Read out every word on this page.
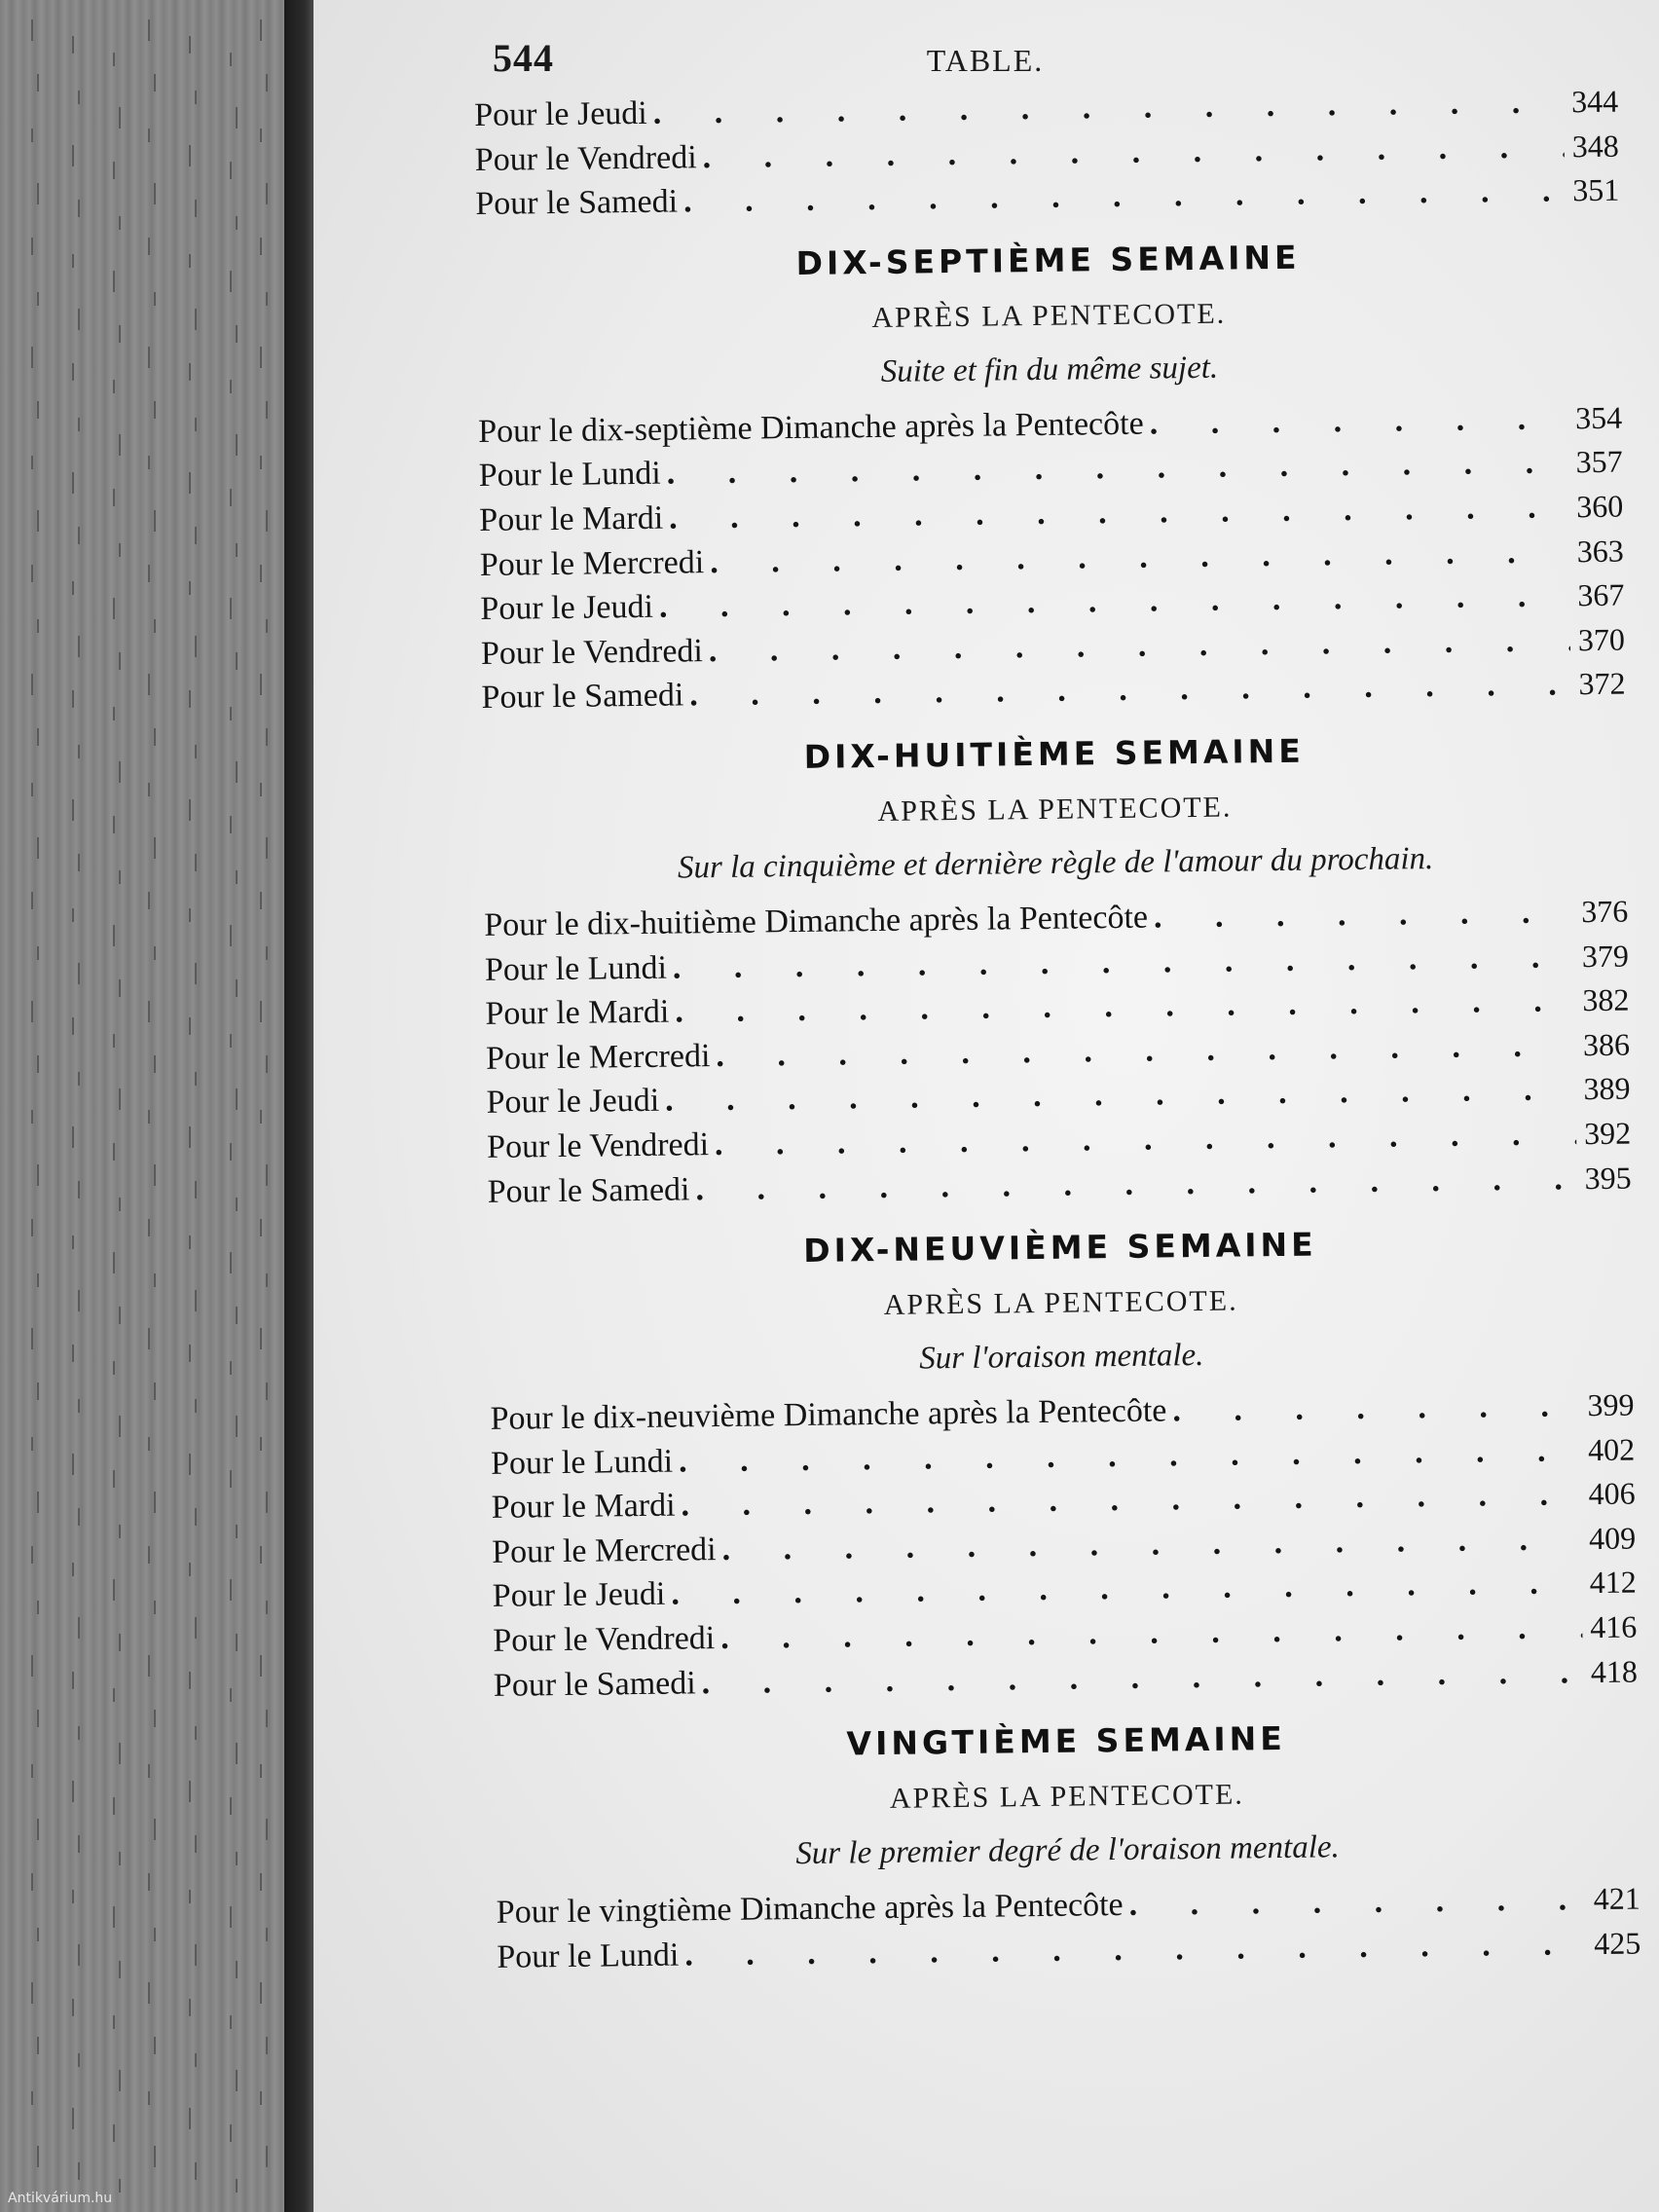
544	TABLE.
Pour le Jeudi . . .	344
Pour le Vendredi . . .	348
Pour le Samedi . . .	351
DIX-SEPTIÈME SEMAINE
APRÈS LA PENTECOTE.
Suite et fin du même sujet.
Pour le dix-septième Dimanche après la Pentecôte . . .	354
Pour le Lundi . . .	357
Pour le Mardi . . .	360
Pour le Mercredi . . .	363
Pour le Jeudi . . .	367
Pour le Vendredi . . .	370
Pour le Samedi . . .	372
DIX-HUITIÈME SEMAINE
APRÈS LA PENTECOTE.
Sur la cinquième et dernière règle de l'amour du prochain.
Pour le dix-huitième Dimanche après la Pentecôte . . .	376
Pour le Lundi . . .	379
Pour le Mardi . . .	382
Pour le Mercredi . . .	386
Pour le Jeudi . . .	389
Pour le Vendredi . . .	392
Pour le Samedi . . .	395
DIX-NEUVIÈME SEMAINE
APRÈS LA PENTECOTE.
Sur l'oraison mentale.
Pour le dix-neuvième Dimanche après la Pentecôte . . .	399
Pour le Lundi . . .	402
Pour le Mardi . . .	406
Pour le Mercredi . . .	409
Pour le Jeudi . . .	412
Pour le Vendredi . . .	416
Pour le Samedi . . .	418
VINGTIÈME SEMAINE
APRÈS LA PENTECOTE.
Sur le premier degré de l'oraison mentale.
Pour le vingtième Dimanche après la Pentecôte . . .	421
Pour le Lundi . . .	425
Antikvárium.hu
